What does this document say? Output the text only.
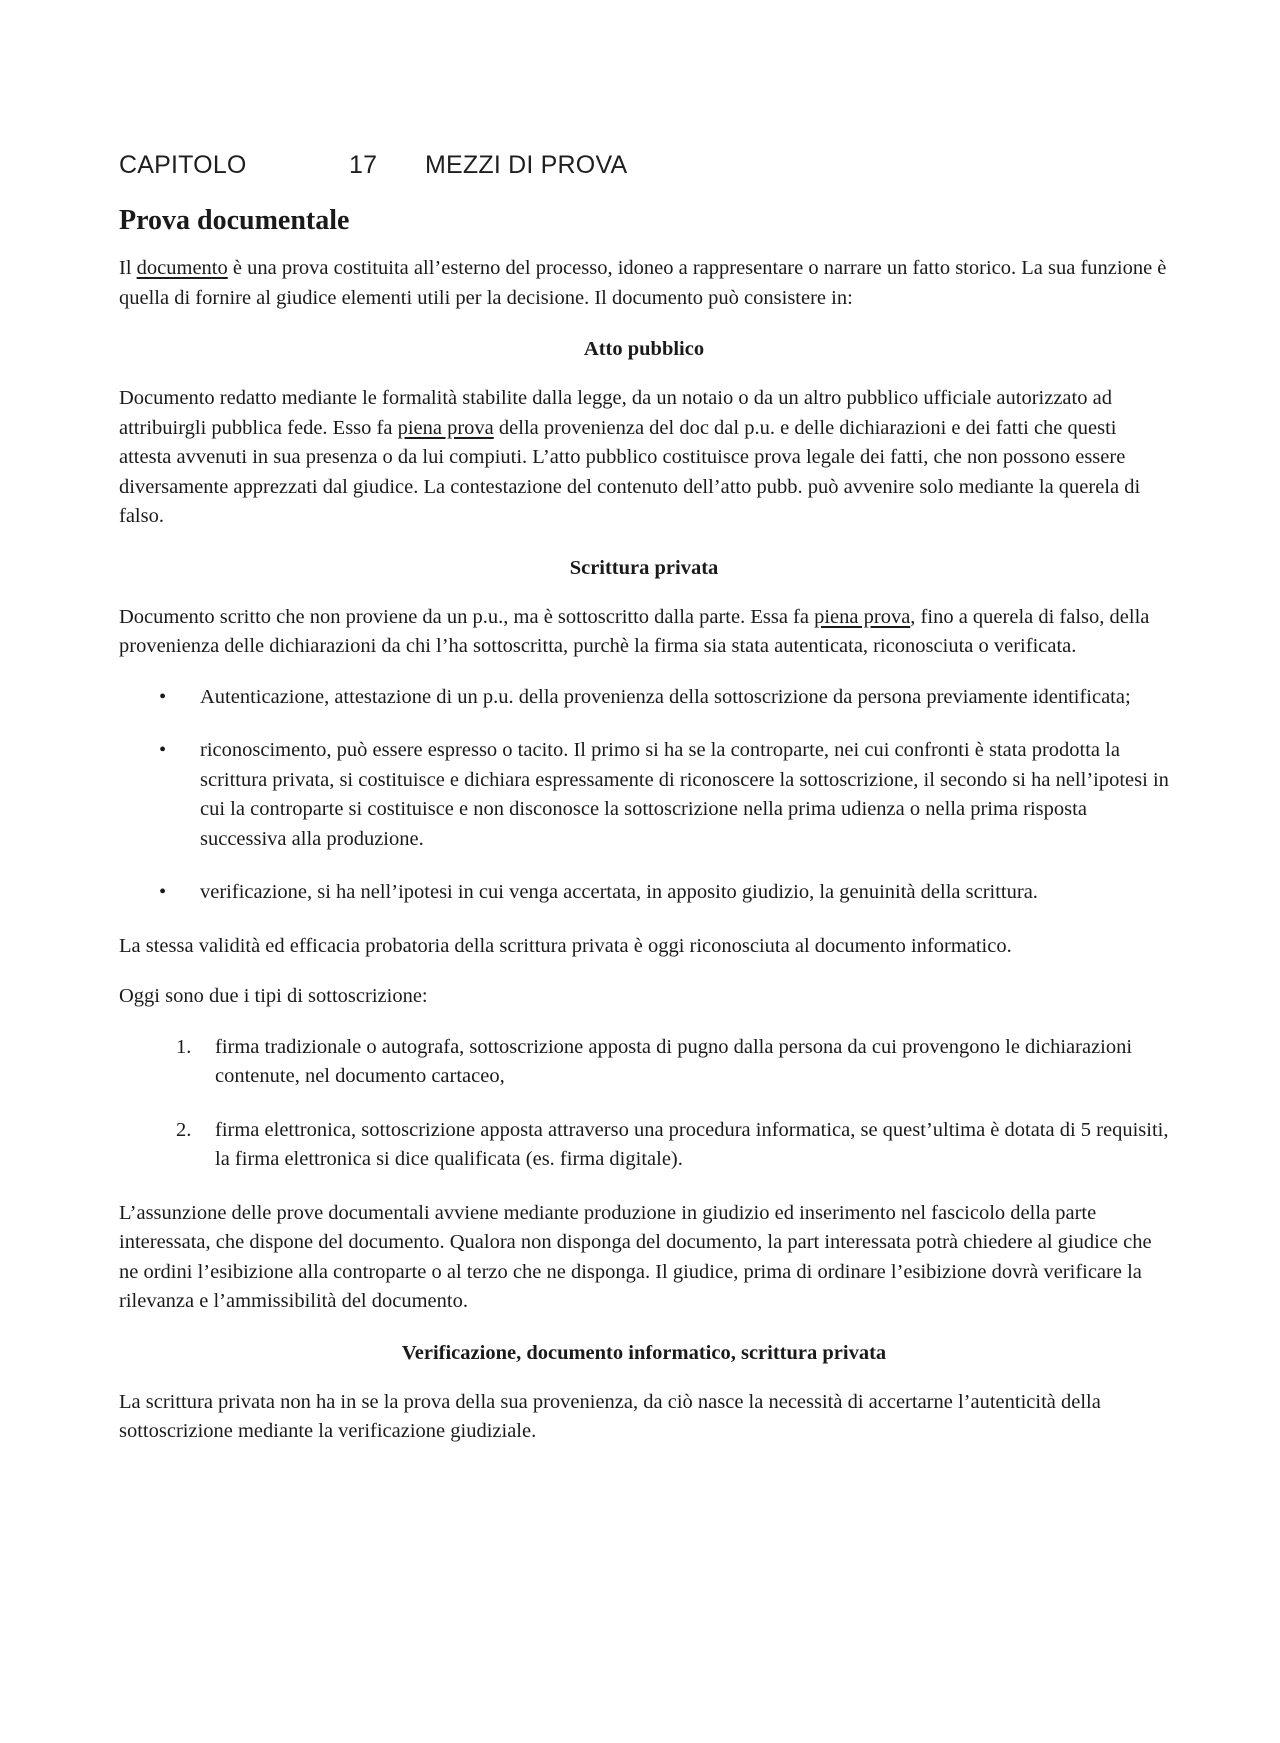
CAPITOLO	17 MEZZI DI PROVA
Prova documentale

Il documento è una prova costituita all’esterno del processo, idoneo a rappresentare o narrare un fatto storico. La sua funzione è quella di fornire al giudice elementi utili per la decisione. Il documento può consistere in:

Atto pubblico

Documento redatto mediante le formalità stabilite dalla legge, da un notaio o da un altro pubblico ufficiale autorizzato ad attribuirgli pubblica fede. Esso fa piena prova della provenienza del doc dal p.u. e delle dichiarazioni e dei fatti che questi attesta avvenuti in sua presenza o da lui compiuti. L’atto pubblico costituisce prova legale dei fatti, che non possono essere diversamente apprezzati dal giudice. La contestazione del contenuto dell’atto pubb. può avvenire solo mediante la querela di falso.

Scrittura privata

Documento scritto che non proviene da un p.u., ma è sottoscritto dalla parte. Essa fa piena prova, fino a querela di falso, della provenienza delle dichiarazioni da chi l’ha sottoscritta, purchè la firma sia stata autenticata, riconosciuta o verificata.

• Autenticazione, attestazione di un p.u. della provenienza della sottoscrizione da persona previamente identificata;
• riconoscimento, può essere espresso o tacito. Il primo si ha se la controparte, nei cui confronti è stata prodotta la scrittura privata, si costituisce e dichiara espressamente di riconoscere la sottoscrizione, il secondo si ha nell’ipotesi in cui la controparte si costituisce e non disconosce la sottoscrizione nella prima udienza o nella prima risposta successiva alla produzione.
• verificazione, si ha nell’ipotesi in cui venga accertata, in apposito giudizio, la genuinità della scrittura.

La stessa validità ed efficacia probatoria della scrittura privata è oggi riconosciuta al documento informatico.

Oggi sono due i tipi di sottoscrizione:

1. firma tradizionale o autografa, sottoscrizione apposta di pugno dalla persona da cui provengono le dichiarazioni contenute, nel documento cartaceo,
2. firma elettronica, sottoscrizione apposta attraverso una procedura informatica, se quest’ultima è dotata di 5 requisiti, la firma elettronica si dice qualificata (es. firma digitale).

L’assunzione delle prove documentali avviene mediante produzione in giudizio ed inserimento nel fascicolo della parte interessata, che dispone del documento. Qualora non disponga del documento, la part interessata potrà chiedere al giudice che ne ordini l’esibizione alla controparte o al terzo che ne disponga. Il giudice, prima di ordinare l’esibizione dovrà verificare la rilevanza e l’ammissibilità del documento.

Verificazione, documento informatico, scrittura privata

La scrittura privata non ha in se la prova della sua provenienza, da ciò nasce la necessità di accertarne l’autenticità della sottoscrizione mediante la verificazione giudiziale.
